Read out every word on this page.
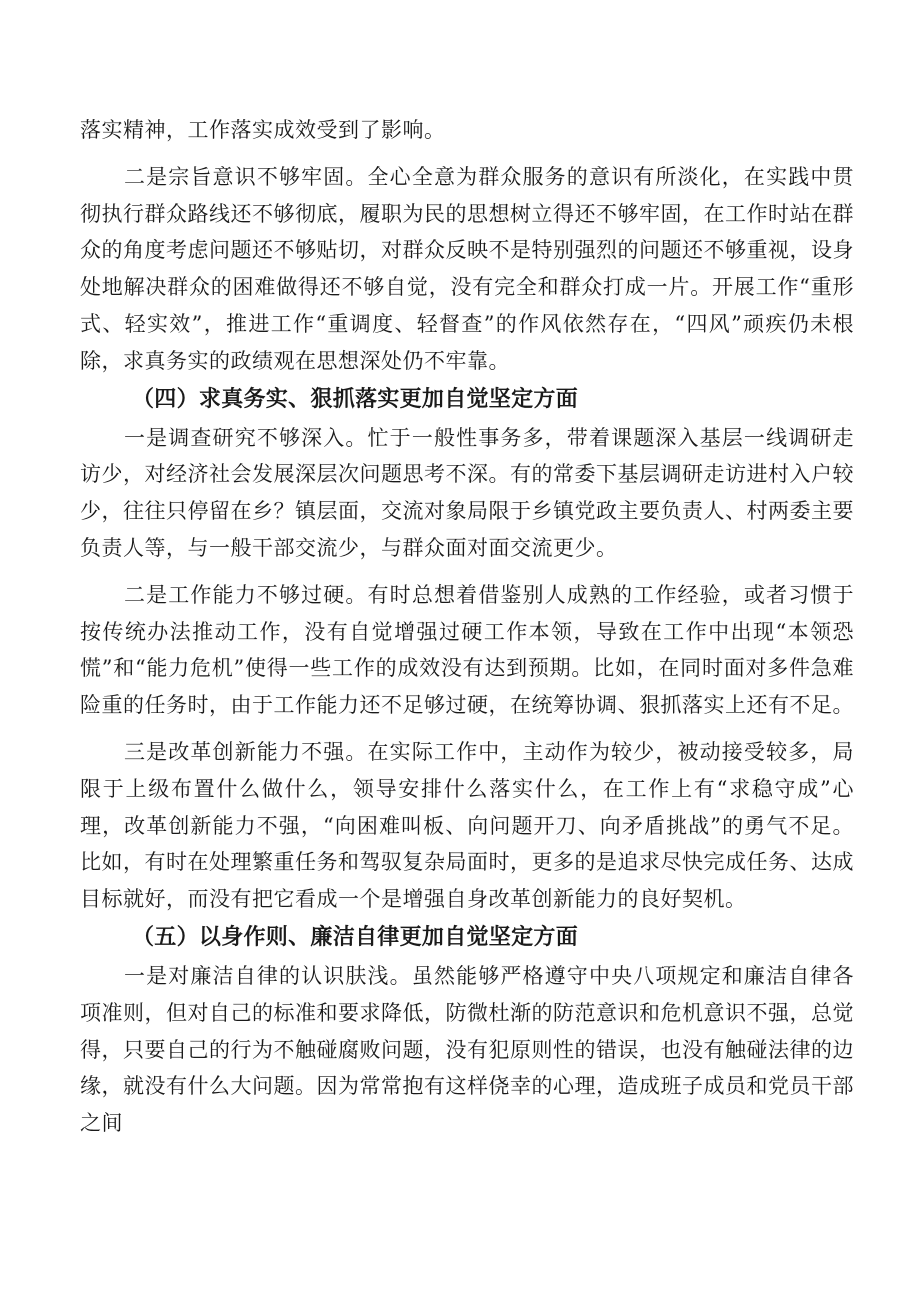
落实精神，工作落实成效受到了影响。

二是宗旨意识不够牢固。全心全意为群众服务的意识有所淡化，在实践中贯彻执行群众路线还不够彻底，履职为民的思想树立得还不够牢固，在工作时站在群众的角度考虑问题还不够贴切，对群众反映不是特别强烈的问题还不够重视，设身处地解决群众的困难做得还不够自觉，没有完全和群众打成一片。开展工作“重形式、轻实效”，推进工作“重调度、轻督查”的作风依然存在，“四风”顽疾仍未根除，求真务实的政绩观在思想深处仍不牢靠。

（四）求真务实、狠抓落实更加自觉坚定方面

一是调查研究不够深入。忙于一般性事务多，带着课题深入基层一线调研走访少，对经济社会发展深层次问题思考不深。有的常委下基层调研走访进村入户较少，往往只停留在乡？镇层面，交流对象局限于乡镇党政主要负责人、村两委主要负责人等，与一般干部交流少，与群众面对面交流更少。

二是工作能力不够过硬。有时总想着借鉴别人成熟的工作经验，或者习惯于按传统办法推动工作，没有自觉增强过硬工作本领，导致在工作中出现“本领恐慌”和“能力危机”使得一些工作的成效没有达到预期。比如，在同时面对多件急难险重的任务时，由于工作能力还不足够过硬，在统筹协调、狠抓落实上还有不足。

三是改革创新能力不强。在实际工作中，主动作为较少，被动接受较多，局限于上级布置什么做什么，领导安排什么落实什么，在工作上有“求稳守成”心理，改革创新能力不强，“向困难叫板、向问题开刀、向矛盾挑战”的勇气不足。比如，有时在处理繁重任务和驾驭复杂局面时，更多的是追求尽快完成任务、达成目标就好，而没有把它看成一个是增强自身改革创新能力的良好契机。

（五）以身作则、廉洁自律更加自觉坚定方面

一是对廉洁自律的认识肤浅。虽然能够严格遵守中央八项规定和廉洁自律各项准则，但对自己的标准和要求降低，防微杜渐的防范意识和危机意识不强，总觉得，只要自己的行为不触碰腐败问题，没有犯原则性的错误，也没有触碰法律的边缘，就没有什么大问题。因为常常抱有这样侥幸的心理，造成班子成员和党员干部之间
